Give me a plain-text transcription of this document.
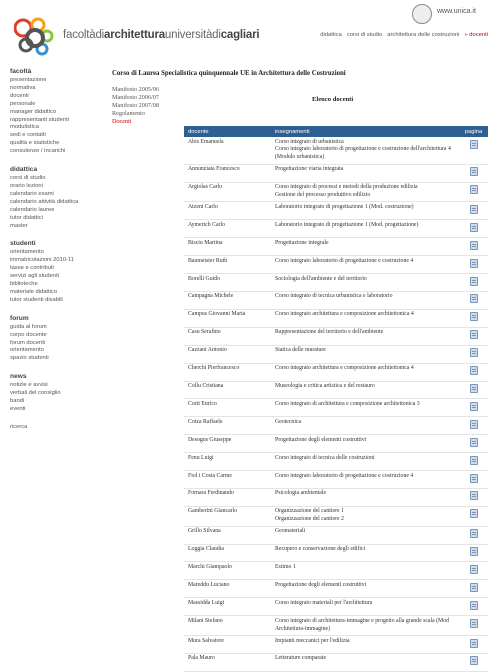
facoltàdiarchitetturauniversitàdicagliari
www.unica.it
didattica corsi di studio architettura delle costruzioni » docenti
facoltà
presentazione
normativa
docenti
personale
manager didattico
rappresentanti studenti
modulistica
sedi e contatti
qualità e statistiche
consulenze / incarichi
didattica
corsi di studio
orario lezioni
calendario esami
calendario attività didattica
calendario lauree
tutor didattici
master
studenti
orientamento
immatricolazioni 2010-11
tasse e contributi
servizi agli studenti
biblioteche
materiale didattico
tutor studenti disabili
forum
guida al forum
corpo docente
forum docenti
orientamento
spazio studenti
news
notizie e avvisi
verbali del consiglio
bandi
eventi
ricerca
Corso di Laurea Specialistica quinquennale UE in Architettura delle Costruzioni
Manifesto 2005/06
Manifesto 2006/07
Manifesto 2007/08
Regolamento
Docenti
Elenco docenti
docente	insegnamenti	pagina
Abis Emanuela	Corso integrato di urbanistica
Corso integrato laboratorio di progettazione e costruzione dell'architettura 4 (Modulo urbanistica)	

Annunziata Francesco	Progettazione viaria integrata	

Argiolas Carlo	Corso integrato di processi e metodi della produzione edilizia
Gestione del processo produttivo edilizio	

Atzeni Carlo	Laboratorio integrato di progettazione 1 (Mod. costruzione)	

Aymerich Carlo	Laboratorio integrato di progettazione 1 (Mod. progettazione)	

Bisciu Martina	Progettazione integrale	

Baumeister Ruth	Corso integrato laboratorio di progettazione e costruzione 4	

Borelli Guido	Sociologia dell'ambiente e del territorio	

Campagna Michele	Corso integrato di tecnica urbanistica e laboratorio	

Campus Giovanni Maria	Corso integrato architettura e composizione architettonica 4	

Casu Serafino	Rappresentazione del territorio e dell'ambiente	

Cazzani Antonio	Statica delle murature	

Cherchi Pierfrancesco	Corso integrato architettura e composizione architettonica 4	

Collu Cristiana	Museologia e critica artistica e del restauro	

Corti Enrico	Corso integrato di architettura e composizione architettonica 3	

Cotza Raffaele	Geotecnica	

Desogus Giuseppe	Progettazione degli elementi costruttivi	

Fenu Luigi	Corso integrato di tecnica delle costruzioni	

Fiol i Costa Carme	Corso integrato laboratorio di progettazione e costruzione 4	

Fornara Ferdinando	Psicologia ambientale	

Gamberini Giancarlo	Organizzazione del cantiere 1
Organizzazione del cantiere 2	

Grillo Silvana	Geomateriali	

Loggia Claudia	Recupero e conservazione degli edifici	

Marchi Giampaolo	Estimo 1	

Mareddu Luciano	Progettazione degli elementi costruttivi	

Massidda Luigi	Corso integrato materiali per l'architettura	

Milani Stefano	Corso integrato di architettura-immagine e progetto alla grande scala (Mod Architettura-immagine)	

Mura Salvatore	Impianti meccanici per l'edilizia	

Pala Mauro	Letterature comparate	
